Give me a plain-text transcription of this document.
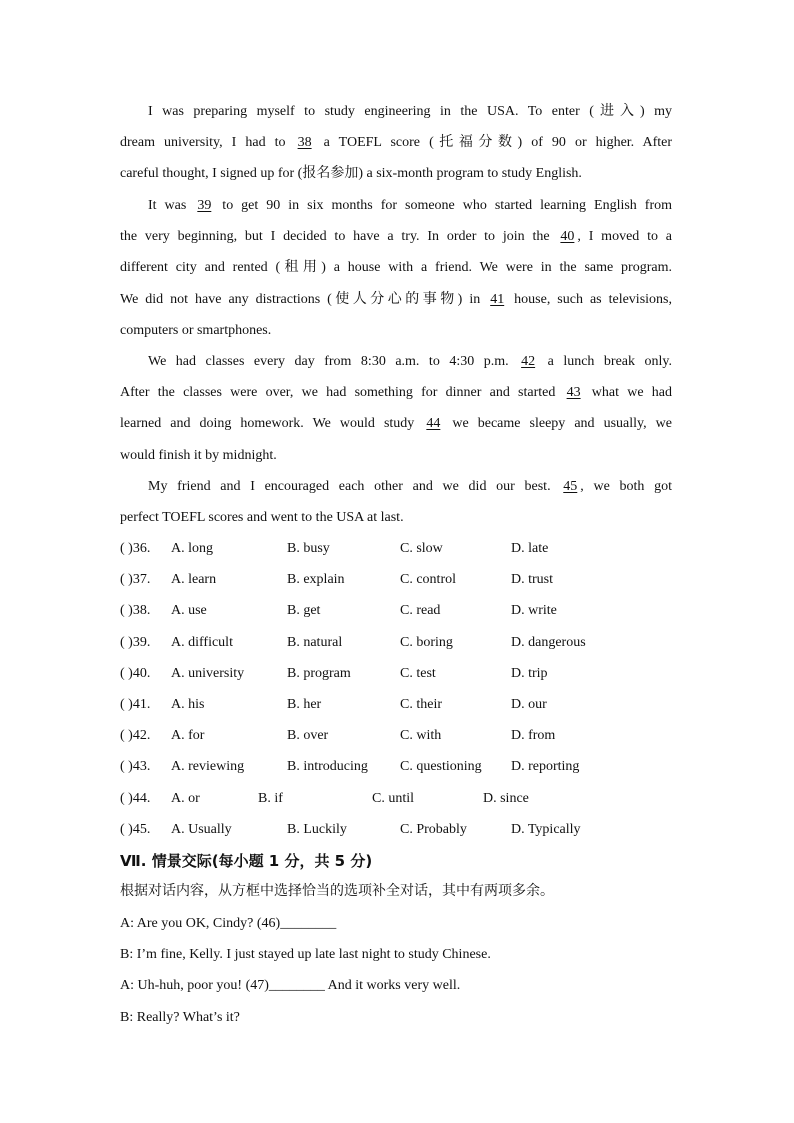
I was preparing myself to study engineering in the USA. To enter (进入) my
dream university, I had to 38 a TOEFL score (托福分数) of 90 or higher. After
careful thought, I signed up for (报名参加) a six-month program to study English.
It was 39 to get 90 in six months for someone who started learning English from
the very beginning, but I decided to have a try. In order to join the 40 , I moved to a
different city and rented (租用) a house with a friend. We were in the same program.
We did not have any distractions (使人分心的事物) in 41 house, such as televisions,
computers or smartphones.
We had classes every day from 8:30 a.m. to 4:30 p.m. 42 a lunch break only.
After the classes were over, we had something for dinner and started 43 what we had
learned and doing homework. We would study 44 we became sleepy and usually, we
would finish it by midnight.
My friend and I encouraged each other and we did our best. 45 , we both got
perfect TOEFL scores and went to the USA at last.
( )36. A. long	B. busy	C. slow	D. late
( )37. A. learn	B. explain	C. control	D. trust
( )38. A. use	B. get	C. read	D. write
( )39. A. difficult	B. natural	C. boring	D. dangerous
( )40. A. university	B. program	C. test	D. trip
( )41. A. his	B. her	C. their	D. our
( )42. A. for	B. over	C. with	D. from
( )43. A. reviewing	B. introducing C. questioning D. reporting
( )44. A. or	B. if	C. until	D. since
( )45. A. Usually	B. Luckily	C. Probably	D. Typically
Ⅶ. 情景交际(每小题 1 分，共 5 分)
根据对话内容，从方框中选择恰当的选项补全对话，其中有两项多余。
A: Are you OK, Cindy? (46)________
B: I’m fine, Kelly. I just stayed up late last night to study Chinese.
A: Uh-huh, poor you! (47)________ And it works very well.
B: Really? What’s it?
